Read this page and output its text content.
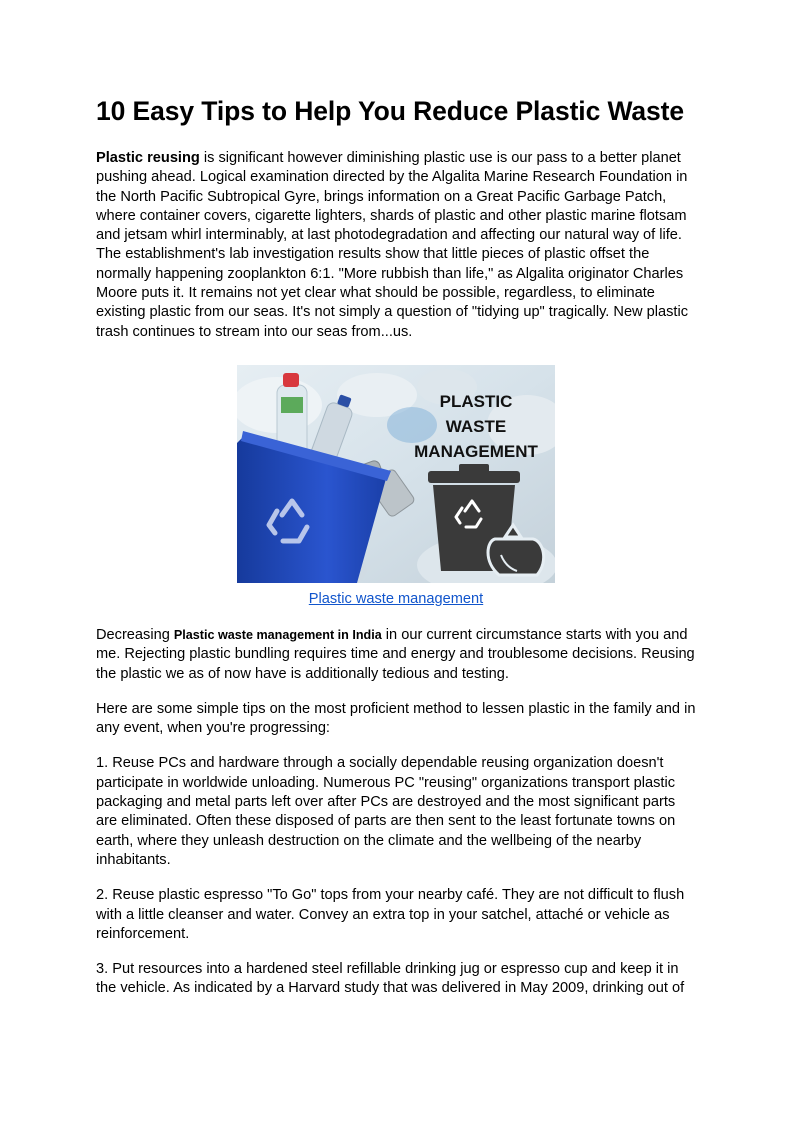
10 Easy Tips to Help You Reduce Plastic Waste

Plastic reusing is significant however diminishing plastic use is our pass to a better planet pushing ahead. Logical examination directed by the Algalita Marine Research Foundation in the North Pacific Subtropical Gyre, brings information on a Great Pacific Garbage Patch, where container covers, cigarette lighters, shards of plastic and other plastic marine flotsam and jetsam whirl interminably, at last photodegradation and affecting our natural way of life. The establishment's lab investigation results show that little pieces of plastic offset the normally happening zooplankton 6:1. "More rubbish than life," as Algalita originator Charles Moore puts it. It remains not yet clear what should be possible, regardless, to eliminate existing plastic from our seas. It's not simply a question of "tidying up" tragically. New plastic trash continues to stream into our seas from...us.

PLASTIC
WASTE
MANAGEMENT
Plastic waste management

Decreasing Plastic waste management in India in our current circumstance starts with you and me. Rejecting plastic bundling requires time and energy and troublesome decisions. Reusing the plastic we as of now have is additionally tedious and testing.

Here are some simple tips on the most proficient method to lessen plastic in the family and in any event, when you're progressing:

1. Reuse PCs and hardware through a socially dependable reusing organization doesn't participate in worldwide unloading. Numerous PC "reusing" organizations transport plastic packaging and metal parts left over after PCs are destroyed and the most significant parts are eliminated. Often these disposed of parts are then sent to the least fortunate towns on earth, where they unleash destruction on the climate and the wellbeing of the nearby inhabitants.

2. Reuse plastic espresso "To Go" tops from your nearby café. They are not difficult to flush with a little cleanser and water. Convey an extra top in your satchel, attaché or vehicle as reinforcement.

3. Put resources into a hardened steel refillable drinking jug or espresso cup and keep it in the vehicle. As indicated by a Harvard study that was delivered in May 2009, drinking out of
